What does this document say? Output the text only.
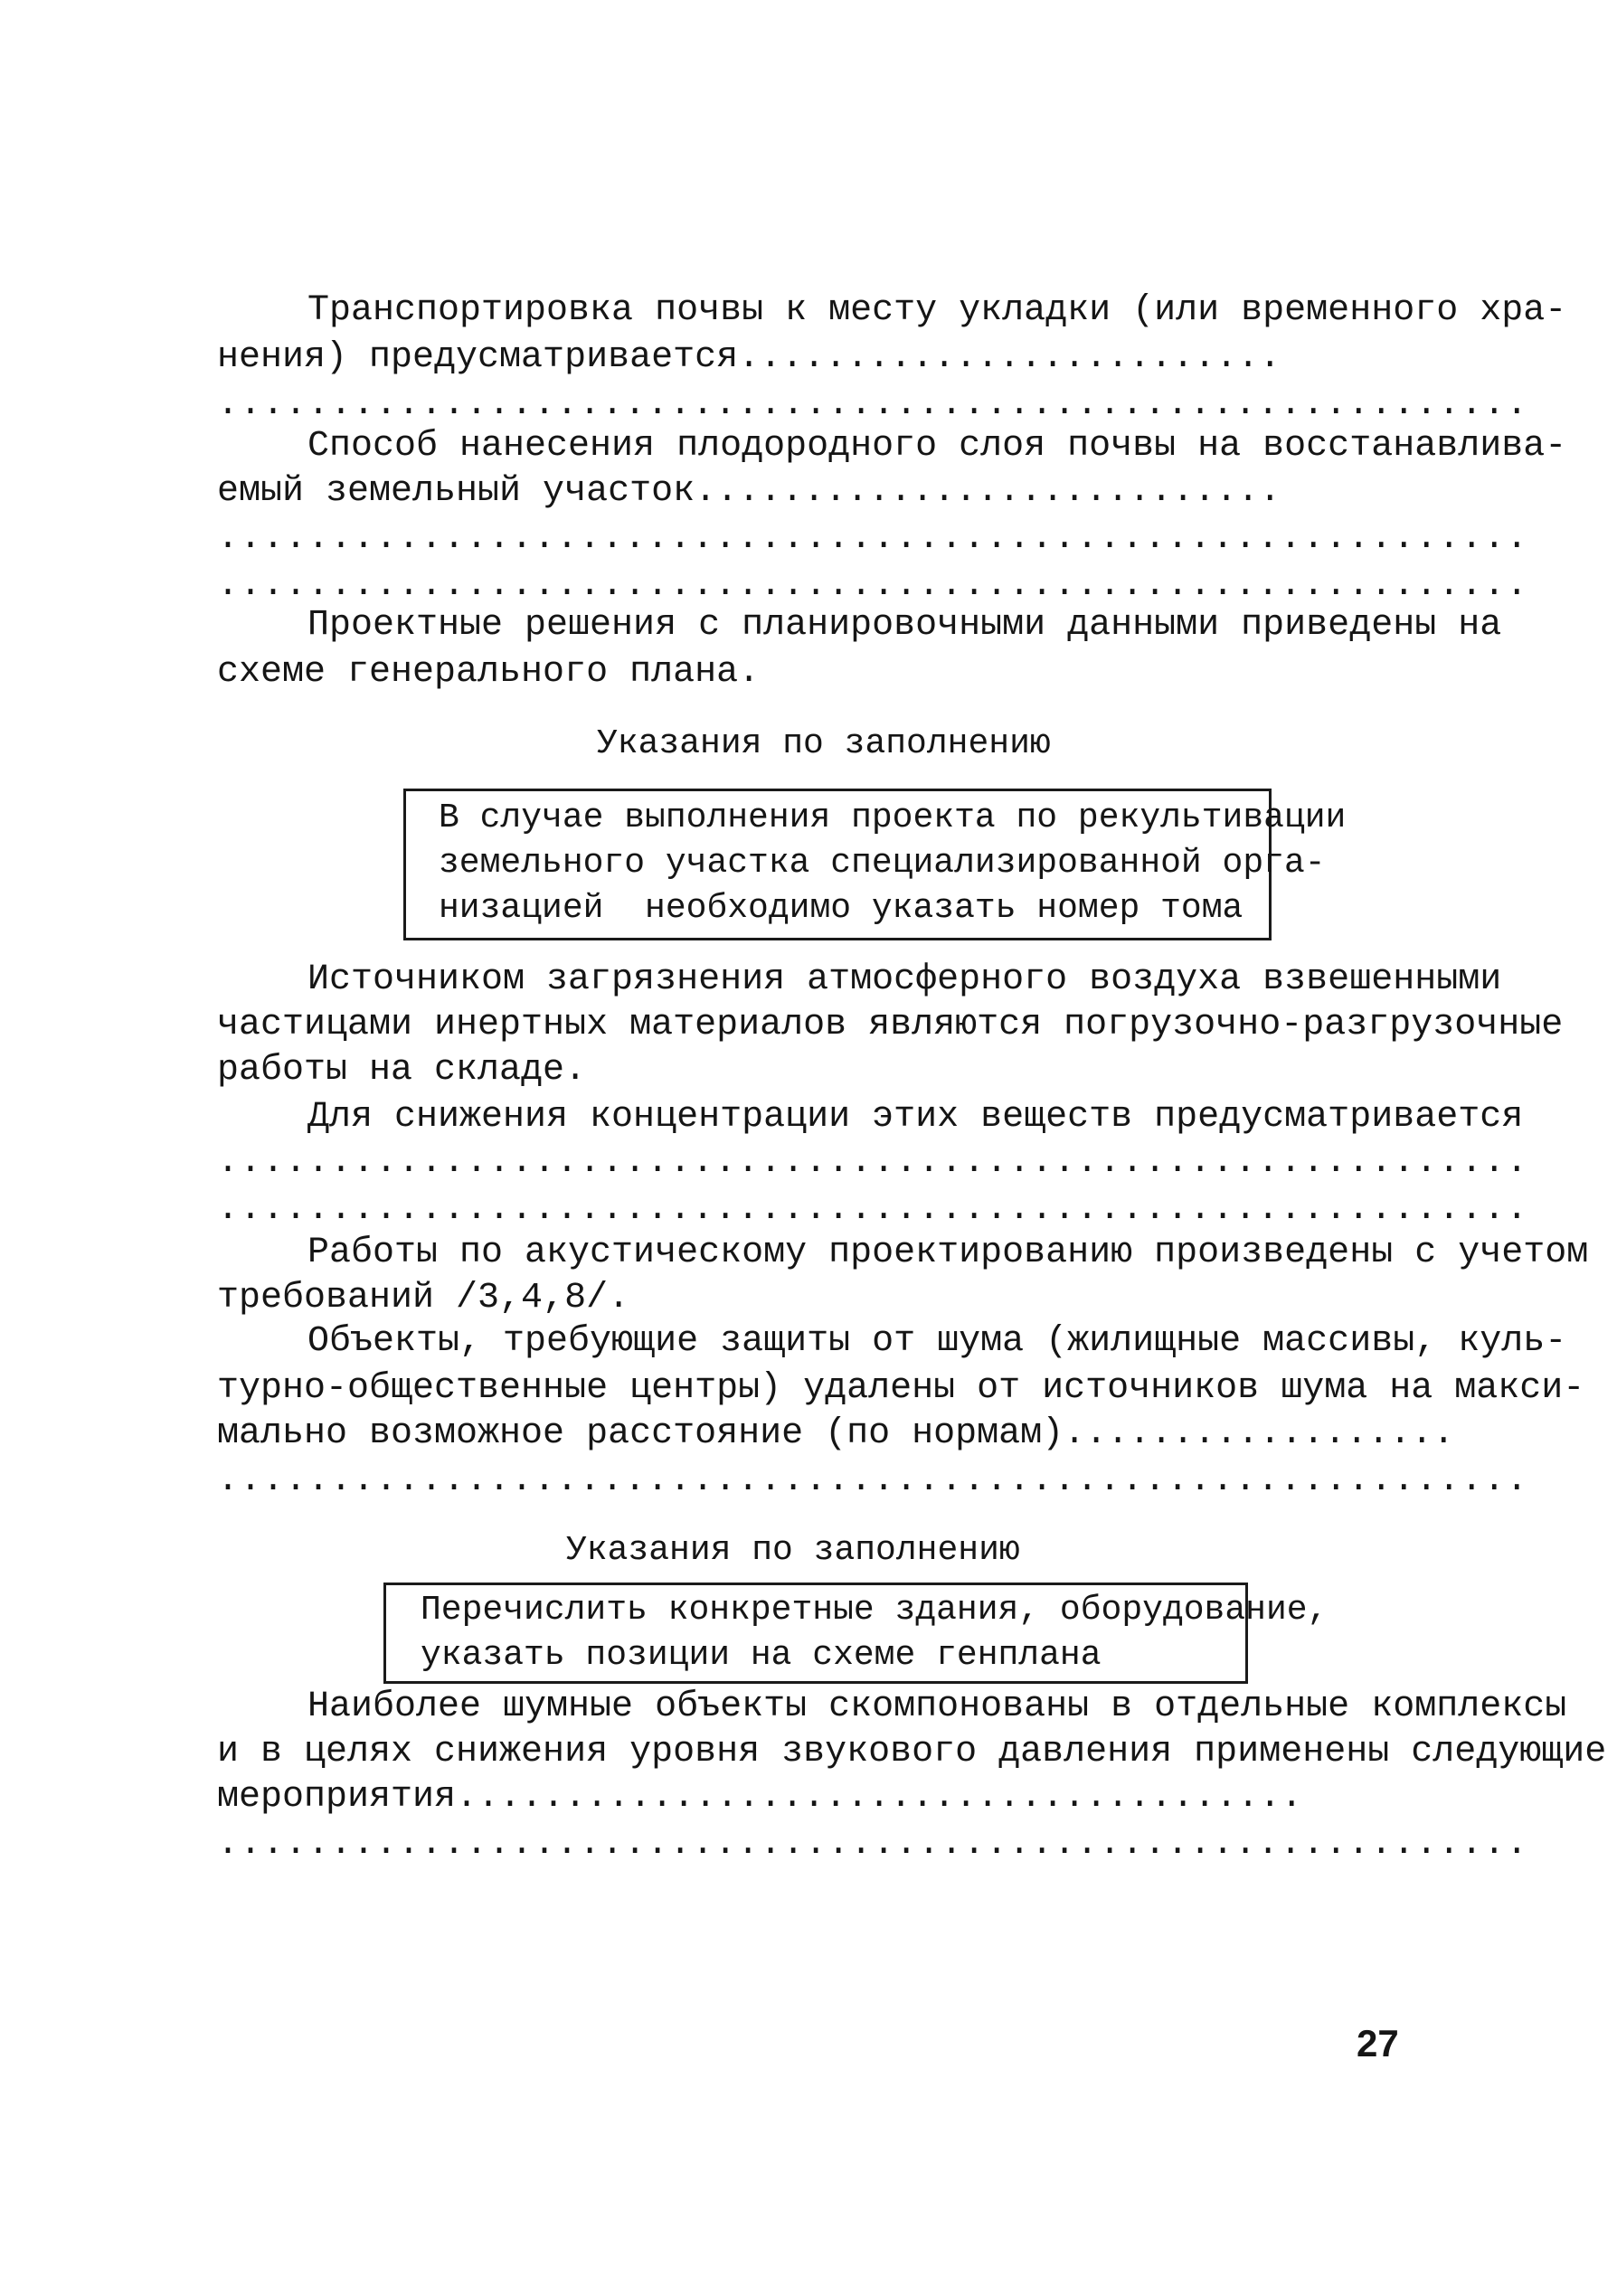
Транспортировка почвы к месту укладки (или временного хра-
нения) предусматривается.........................
..........................................................
Способ нанесения плодородного слоя почвы на восстанавлива-
емый земельный участок...........................
..........................................................
..........................................................
Проектные решения с планировочными данными приведены на
схеме генерального плана.
Указания по заполнению
В случае выполнения проекта по рекультивации
земельного участка специализированной орга-
низацией  необходимо указать номер тома
Источником загрязнения атмосферного воздуха взвешенными
частицами инертных материалов являются погрузочно-разгрузочные
работы на складе.
Для снижения концентрации этих веществ предусматривается
..........................................................
..........................................................
Работы по акустическому проектированию произведены с учетом
требований /3,4,8/.
Объекты, требующие защиты от шума (жилищные массивы, куль-
турно-общественные центры) удалены от источников шума на макси-
мально возможное расстояние (по нормам)..................
..........................................................
Указания по заполнению
Перечислить конкретные здания, оборудование,
указать позиции на схеме генплана
Наиболее шумные объекты скомпонованы в отдельные комплексы
и в целях снижения уровня звукового давления применены следующие
мероприятия.......................................
..........................................................
27
